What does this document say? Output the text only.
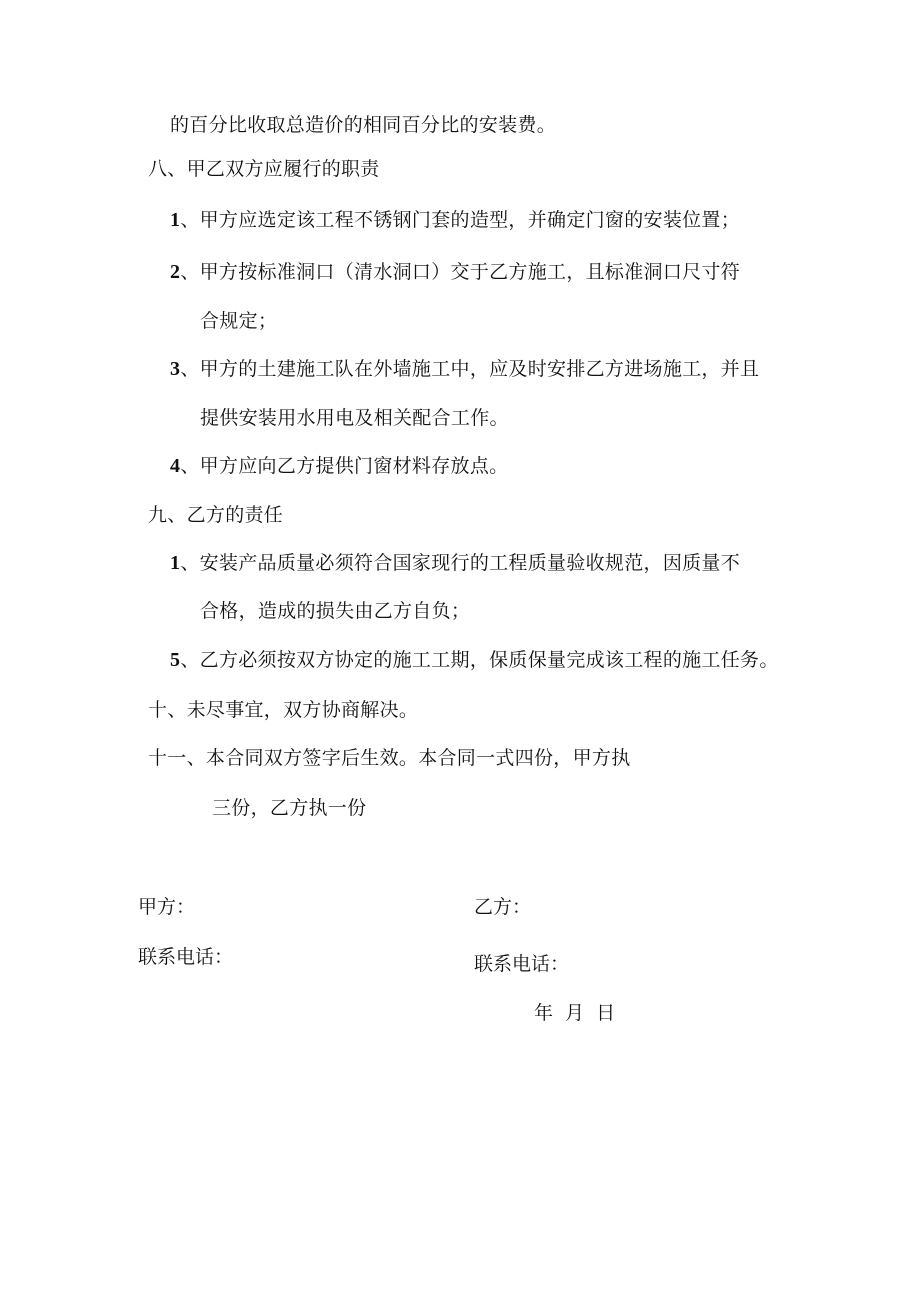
的百分比收取总造价的相同百分比的安装费。
八、甲乙双方应履行的职责
1、甲方应选定该工程不锈钢门套的造型，并确定门窗的安装位置；
2、甲方按标准洞口（清水洞口）交于乙方施工，且标准洞口尺寸符
合规定；
3、甲方的土建施工队在外墙施工中，应及时安排乙方进场施工，并且
提供安装用水用电及相关配合工作。
4、甲方应向乙方提供门窗材料存放点。
九、乙方的责任
1、安装产品质量必须符合国家现行的工程质量验收规范，因质量不
合格，造成的损失由乙方自负；
5、乙方必须按双方协定的施工工期，保质保量完成该工程的施工任务。
十、未尽事宜，双方协商解决。
十一、本合同双方签字后生效。本合同一式四份，甲方执
三份，乙方执一份
甲方：	乙方：
联系电话：	联系电话：
年  月  日
